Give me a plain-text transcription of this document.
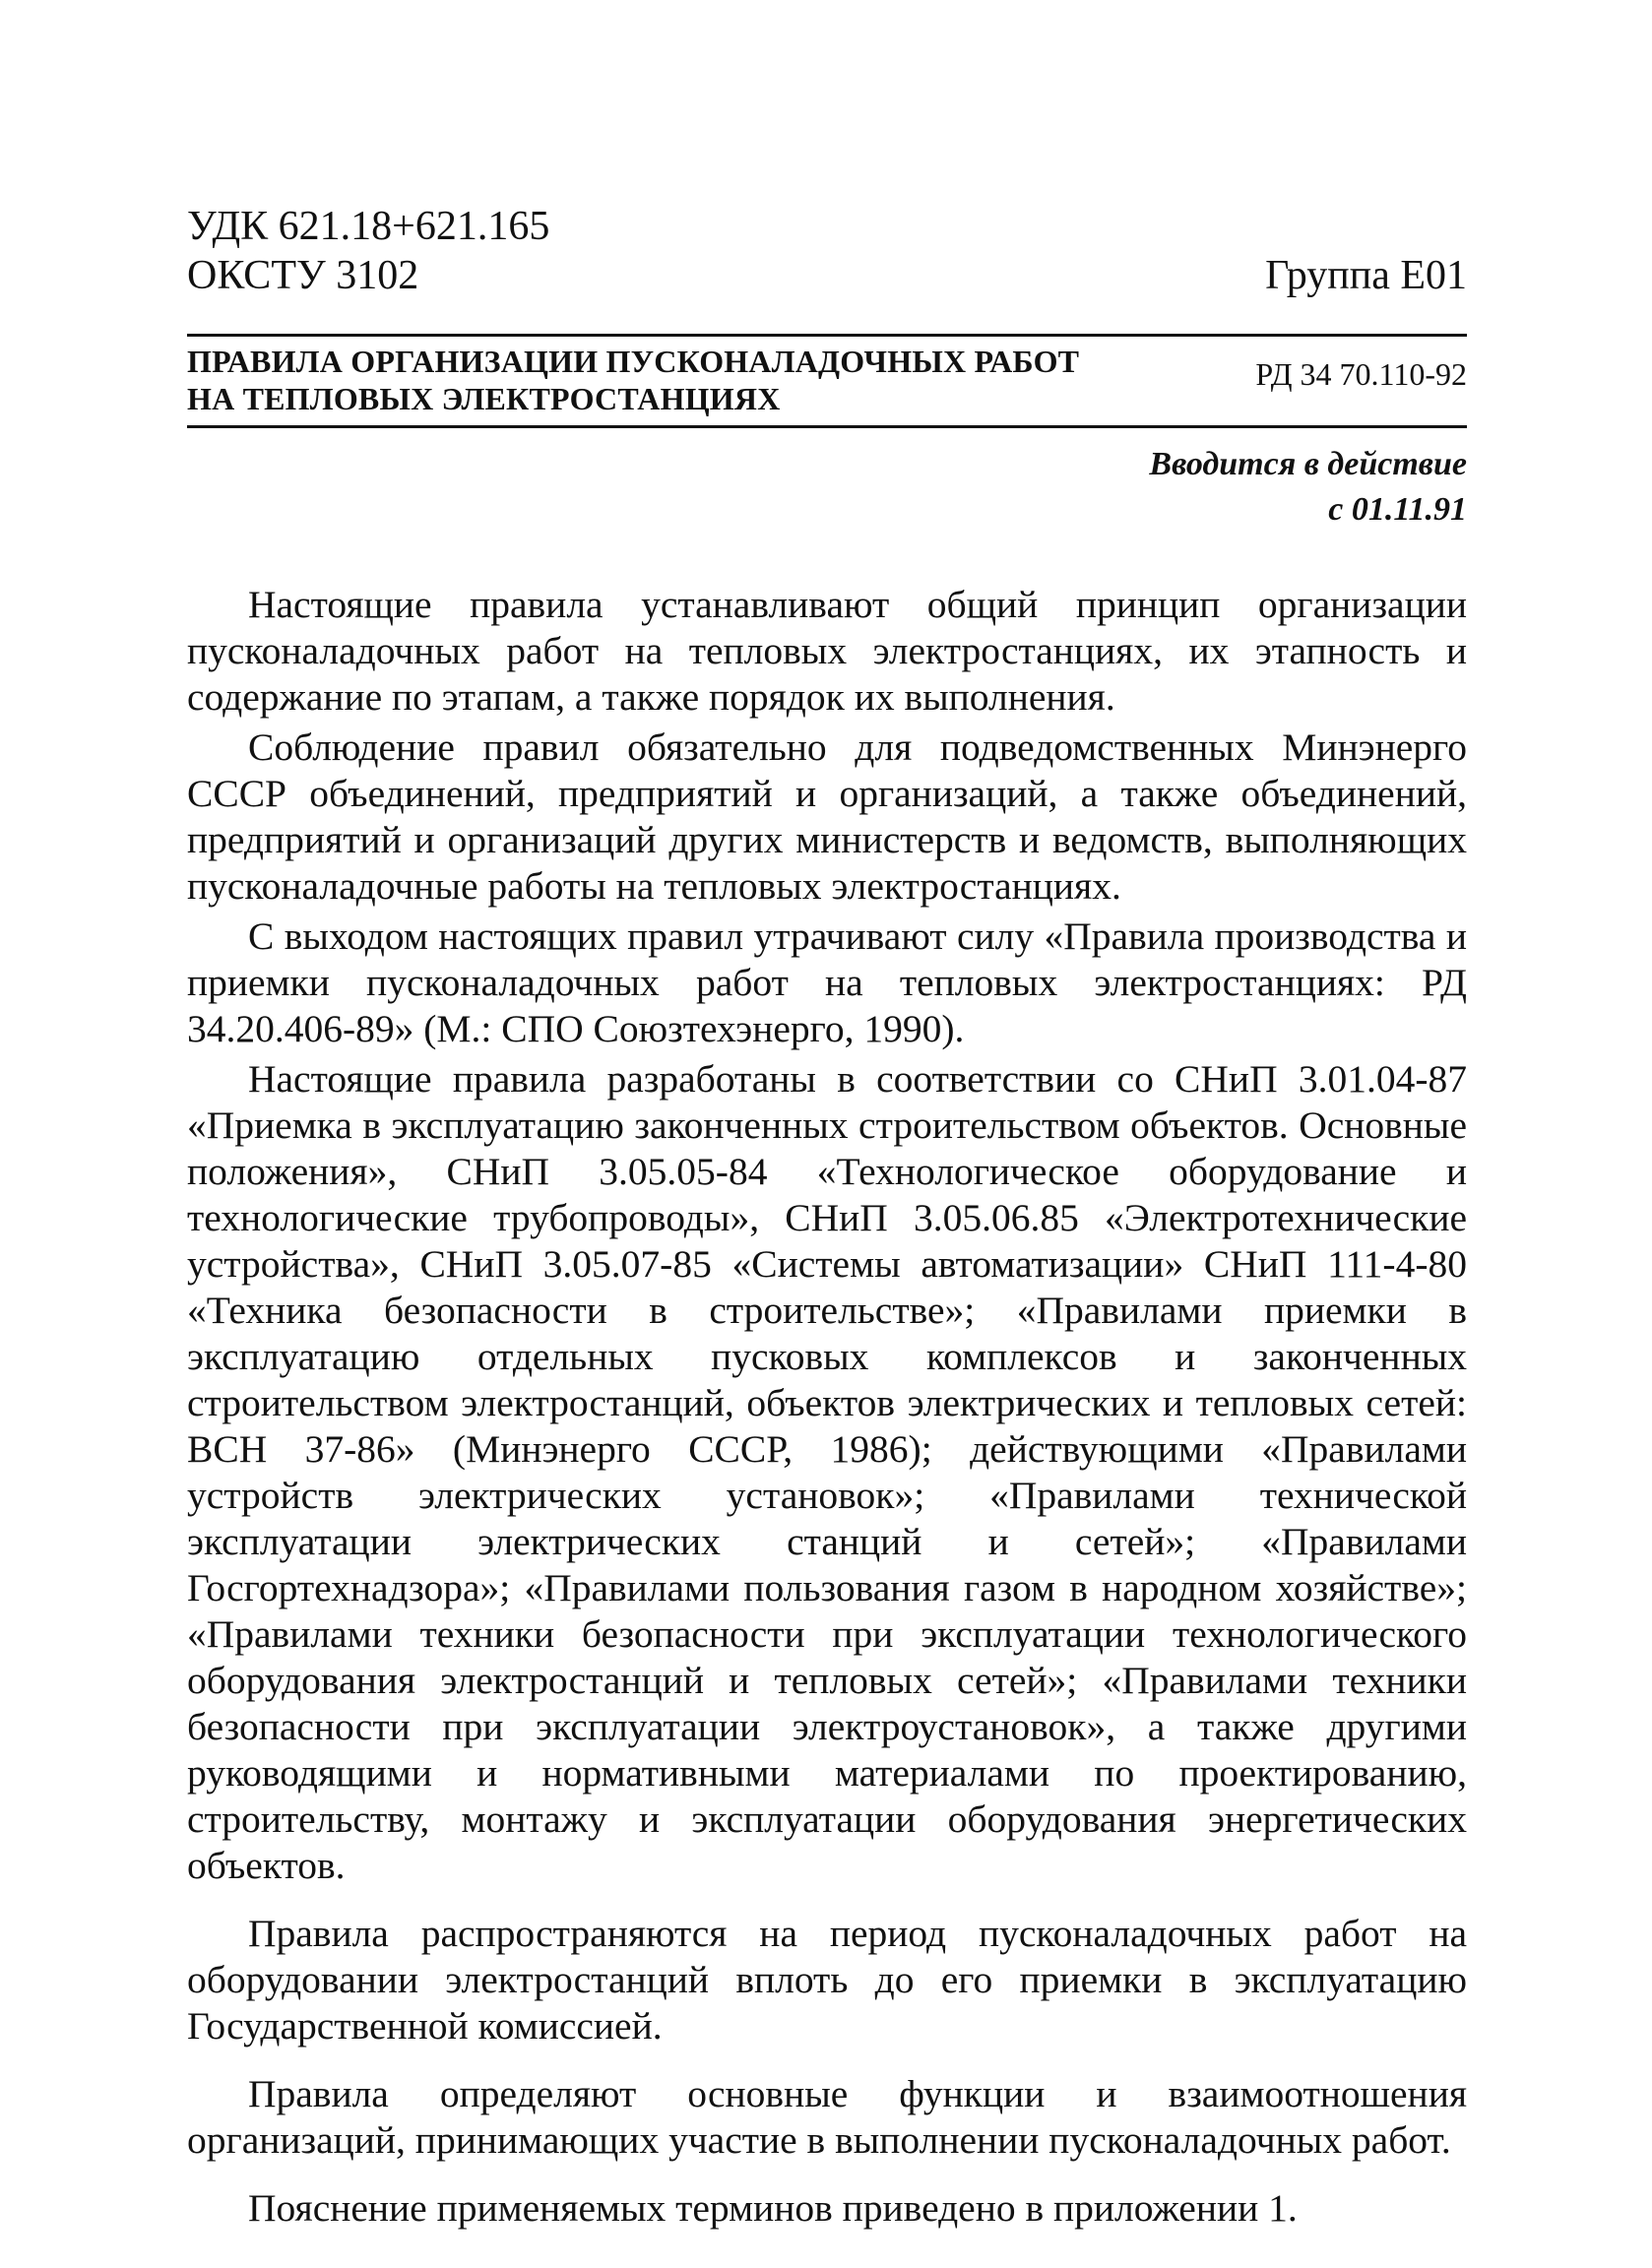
УДК 621.18+621.165
ОКСТУ 3102	Группа Е01
ПРАВИЛА ОРГАНИЗАЦИИ ПУСКОНАЛАДОЧНЫХ РАБОТ
НА ТЕПЛОВЫХ ЭЛЕКТРОСТАНЦИЯХ
РД 34 70.110-92
Вводится в действие
с 01.11.91

Настоящие правила устанавливают общий принцип организации пусконаладочных работ на тепловых электростанциях, их этапность и содержание по этапам, а также порядок их выполнения.

Соблюдение правил обязательно для подведомственных Минэнерго СССР объединений, предприятий и организаций, а также объединений, предприятий и организаций других министерств и ведомств, выполняющих пусконаладочные работы на тепловых электростанциях.

С выходом настоящих правил утрачивают силу «Правила производства и приемки пусконаладочных работ на тепловых электростанциях: РД 34.20.406-89» (М.: СПО Союзтехэнерго, 1990).

Настоящие правила разработаны в соответствии со СНиП 3.01.04-87 «Приемка в эксплуатацию законченных строительством объектов. Основные положения», СНиП 3.05.05-84 «Технологическое оборудование и технологические трубопроводы», СНиП 3.05.06.85 «Электротехнические устройства», СНиП 3.05.07-85 «Системы автоматизации» СНиП 111-4-80 «Техника безопасности в строительстве»; «Правилами приемки в эксплуатацию отдельных пусковых комплексов и законченных строительством электростанций, объектов электрических и тепловых сетей: ВСН 37-86» (Минэнерго СССР, 1986); действующими «Правилами устройств электрических установок»; «Правилами технической эксплуатации электрических станций и сетей»; «Правилами Госгортехнадзора»; «Правилами пользования газом в народном хозяйстве»; «Правилами техники безопасности при эксплуатации технологического оборудования электростанций и тепловых сетей»; «Правилами техники безопасности при эксплуатации электроустановок», а также другими руководящими и нормативными материалами по проектированию, строительству, монтажу и эксплуатации оборудования энергетических объектов.

Правила распространяются на период пусконаладочных работ на оборудовании электростанций вплоть до его приемки в эксплуатацию Государственной комиссией.

Правила определяют основные функции и взаимоотношения организаций, принимающих участие в выполнении пусконаладочных работ.

Пояснение применяемых терминов приведено в приложении 1.
